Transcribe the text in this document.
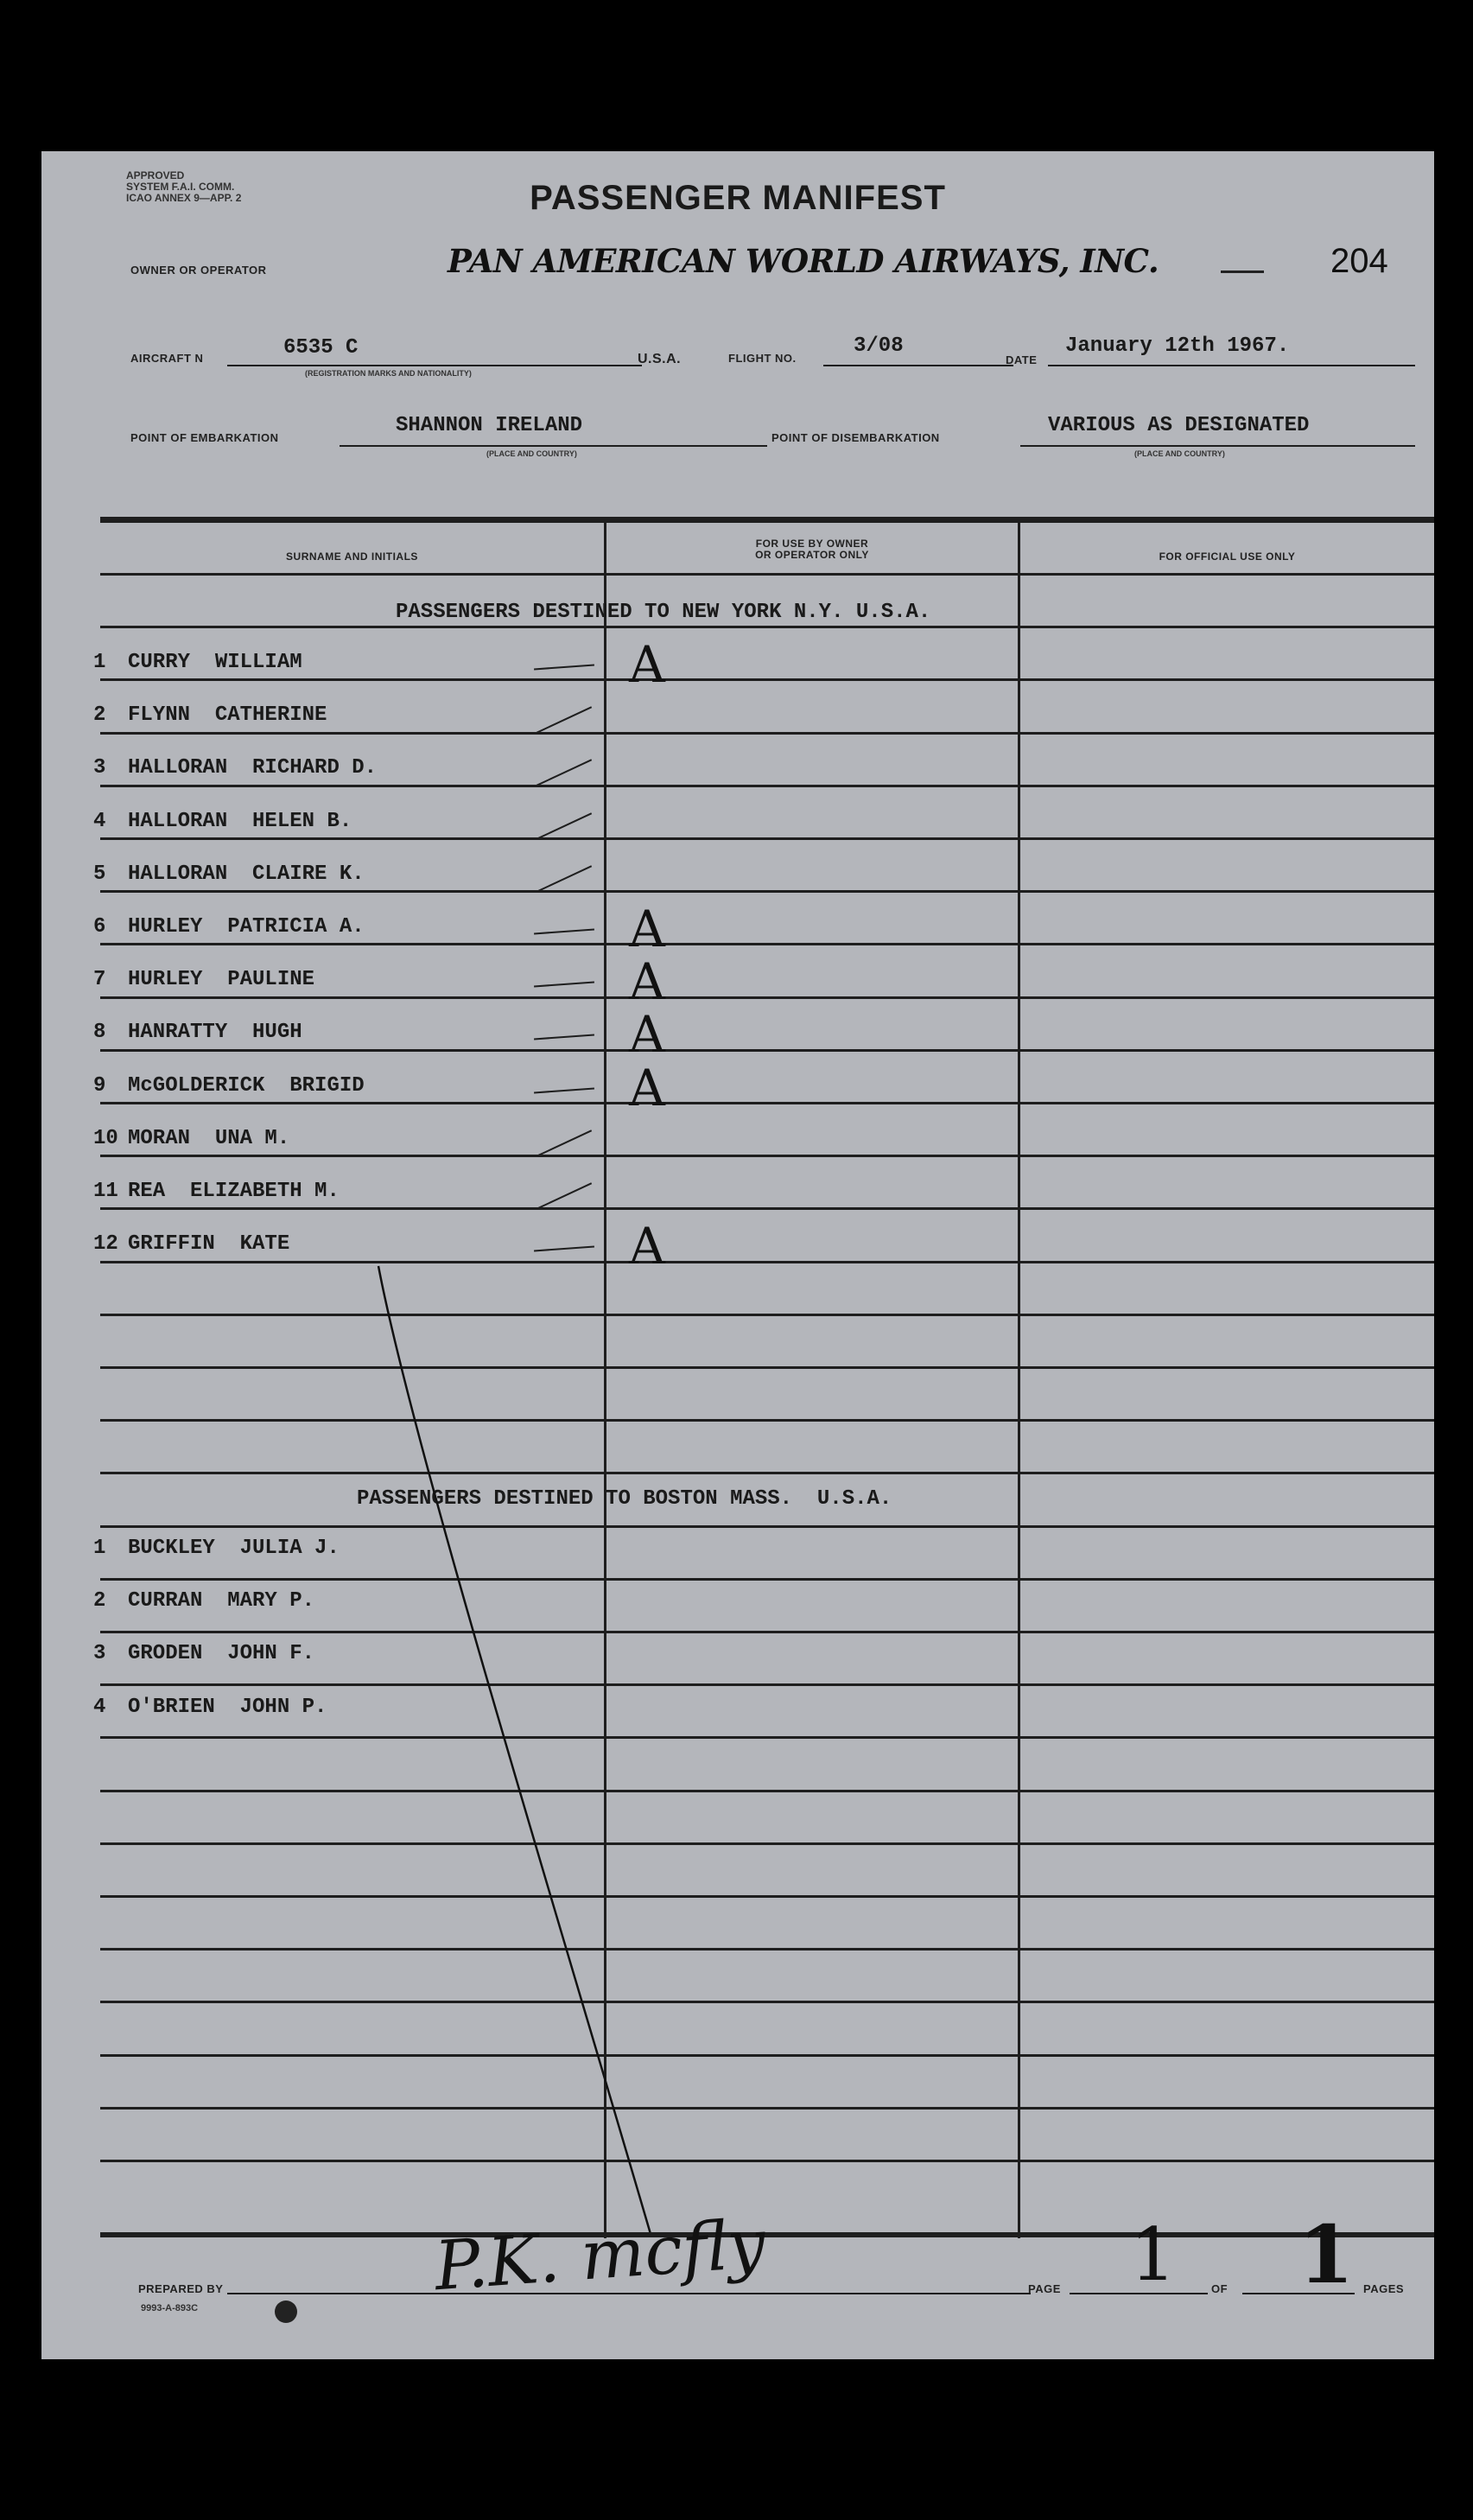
APPROVED
SYSTEM F.A.I. COMM.
ICAO ANNEX 9—APP. 2	PASSENGER MANIFEST
OWNER OR OPERATOR	PAN AMERICAN WORLD AIRWAYS, INC.	204
AIRCRAFT N	6535 C
(REGISTRATION MARKS AND NATIONALITY)
U.S.A.	FLIGHT NO.
3/08
DATE
January 12th 1967.
POINT OF EMBARKATION
SHANNON IRELAND
(PLACE AND COUNTRY)
POINT OF DISEMBARKATION
VARIOUS AS DESIGNATED
(PLACE AND COUNTRY)
SURNAME AND INITIALS
FOR USE BY OWNER
OR OPERATOR ONLY	FOR OFFICIAL USE ONLY
PASSENGERS DESTINED TO NEW YORK N.Y. U.S.A.
PASSENGERS DESTINED TO BOSTON MASS.  U.S.A.
1 CURRY  WILLIAM	A
2 FLYNN  CATHERINE
3 HALLORAN  RICHARD D.
4 HALLORAN  HELEN B.
5 HALLORAN  CLAIRE K.
6 HURLEY  PATRICIA A.	A
7 HURLEY  PAULINE	A
8 HANRATTY  HUGH	A
9 McGOLDERICK  BRIGID	A
10 MORAN  UNA M.
11 REA  ELIZABETH M.
12 GRIFFIN  KATE	A
1 BUCKLEY  JULIA J.
2 CURRAN  MARY P.
3 GRODEN  JOHN F.
4 O'BRIEN  JOHN P.
PREPARED BY
9993-A-893C
P.K. mcfly	PAGE 1	OF 1 PAGES
